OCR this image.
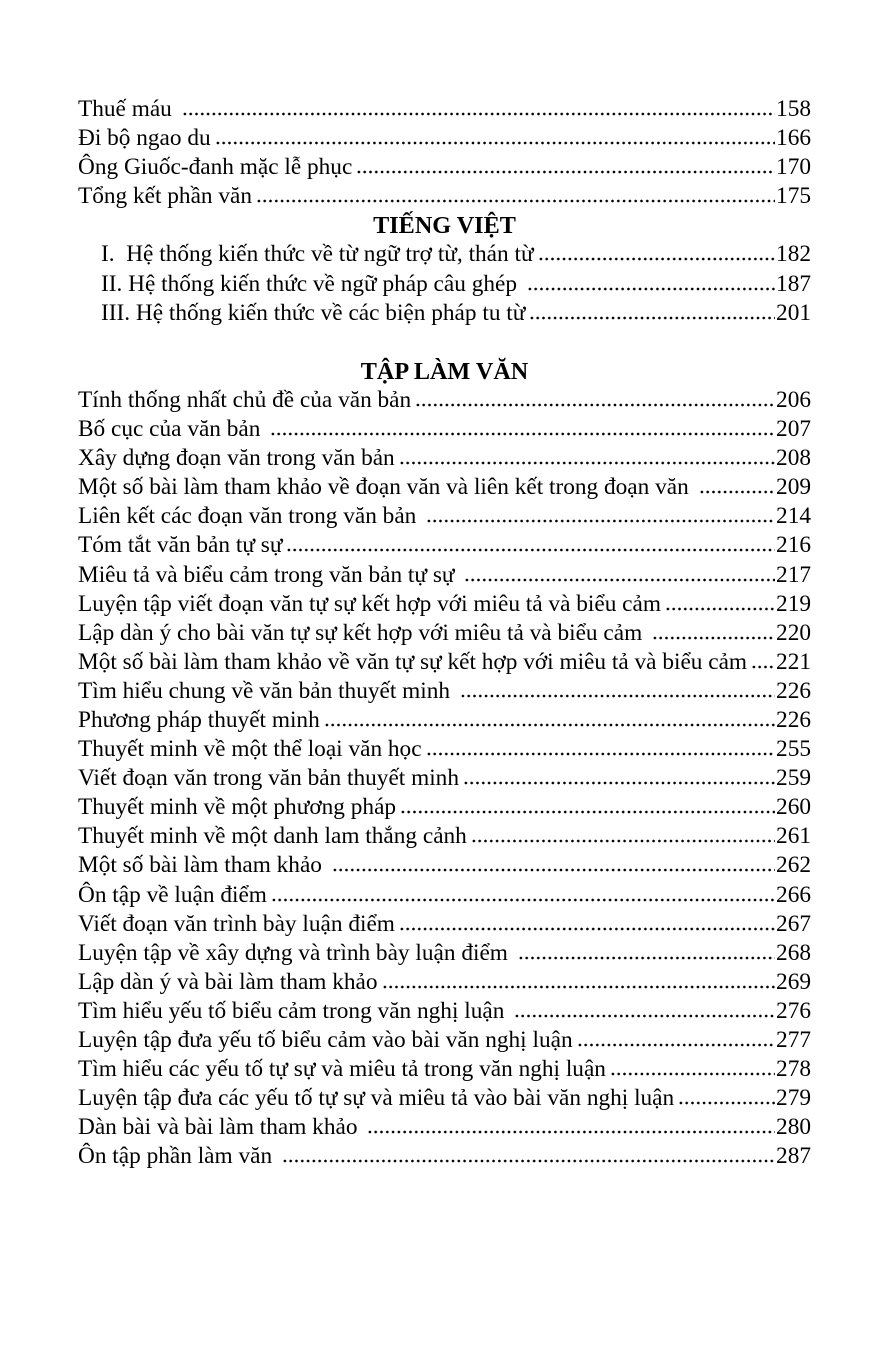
Thuế máu	158
Đi bộ ngao du	166
Ông Giuốc-đanh mặc lễ phục	170
Tổng kết phần văn	175
TIẾNG VIỆT
I.  Hệ thống kiến thức về từ ngữ trợ từ, thán từ	182
II. Hệ thống kiến thức về ngữ pháp câu ghép	187
III. Hệ thống kiến thức về các biện pháp tu từ	201
TẬP LÀM VĂN
Tính thống nhất chủ đề của văn bản	206
Bố cục của văn bản	207
Xây dựng đoạn văn trong văn bản	208
Một số bài làm tham khảo về đoạn văn và liên kết trong đoạn văn	209
Liên kết các đoạn văn trong văn bản	214
Tóm tắt văn bản tự sự	216
Miêu tả và biểu cảm trong văn bản tự sự	217
Luyện tập viết đoạn văn tự sự kết hợp với miêu tả và biểu cảm	219
Lập dàn ý cho bài văn tự sự kết hợp với miêu tả và biểu cảm	220
Một số bài làm tham khảo về văn tự sự kết hợp với miêu tả và biểu cảm 221
Tìm hiểu chung về văn bản thuyết minh	226
Phương pháp thuyết minh	226
Thuyết minh về một thể loại văn học	255
Viết đoạn văn trong văn bản thuyết minh	259
Thuyết minh về một phương pháp	260
Thuyết minh về một danh lam thắng cảnh	261
Một số bài làm tham khảo	262
Ôn tập về luận điểm	266
Viết đoạn văn trình bày luận điểm	267
Luyện tập về xây dựng và trình bày luận điểm	268
Lập dàn ý và bài làm tham khảo	269
Tìm hiểu yếu tố biểu cảm trong văn nghị luận	276
Luyện tập đưa yếu tố biểu cảm vào bài văn nghị luận	277
Tìm hiểu các yếu tố tự sự và miêu tả trong văn nghị luận	278
Luyện tập đưa các yếu tố tự sự và miêu tả vào bài văn nghị luận	279
Dàn bài và bài làm tham khảo	280
Ôn tập phần làm văn	287
